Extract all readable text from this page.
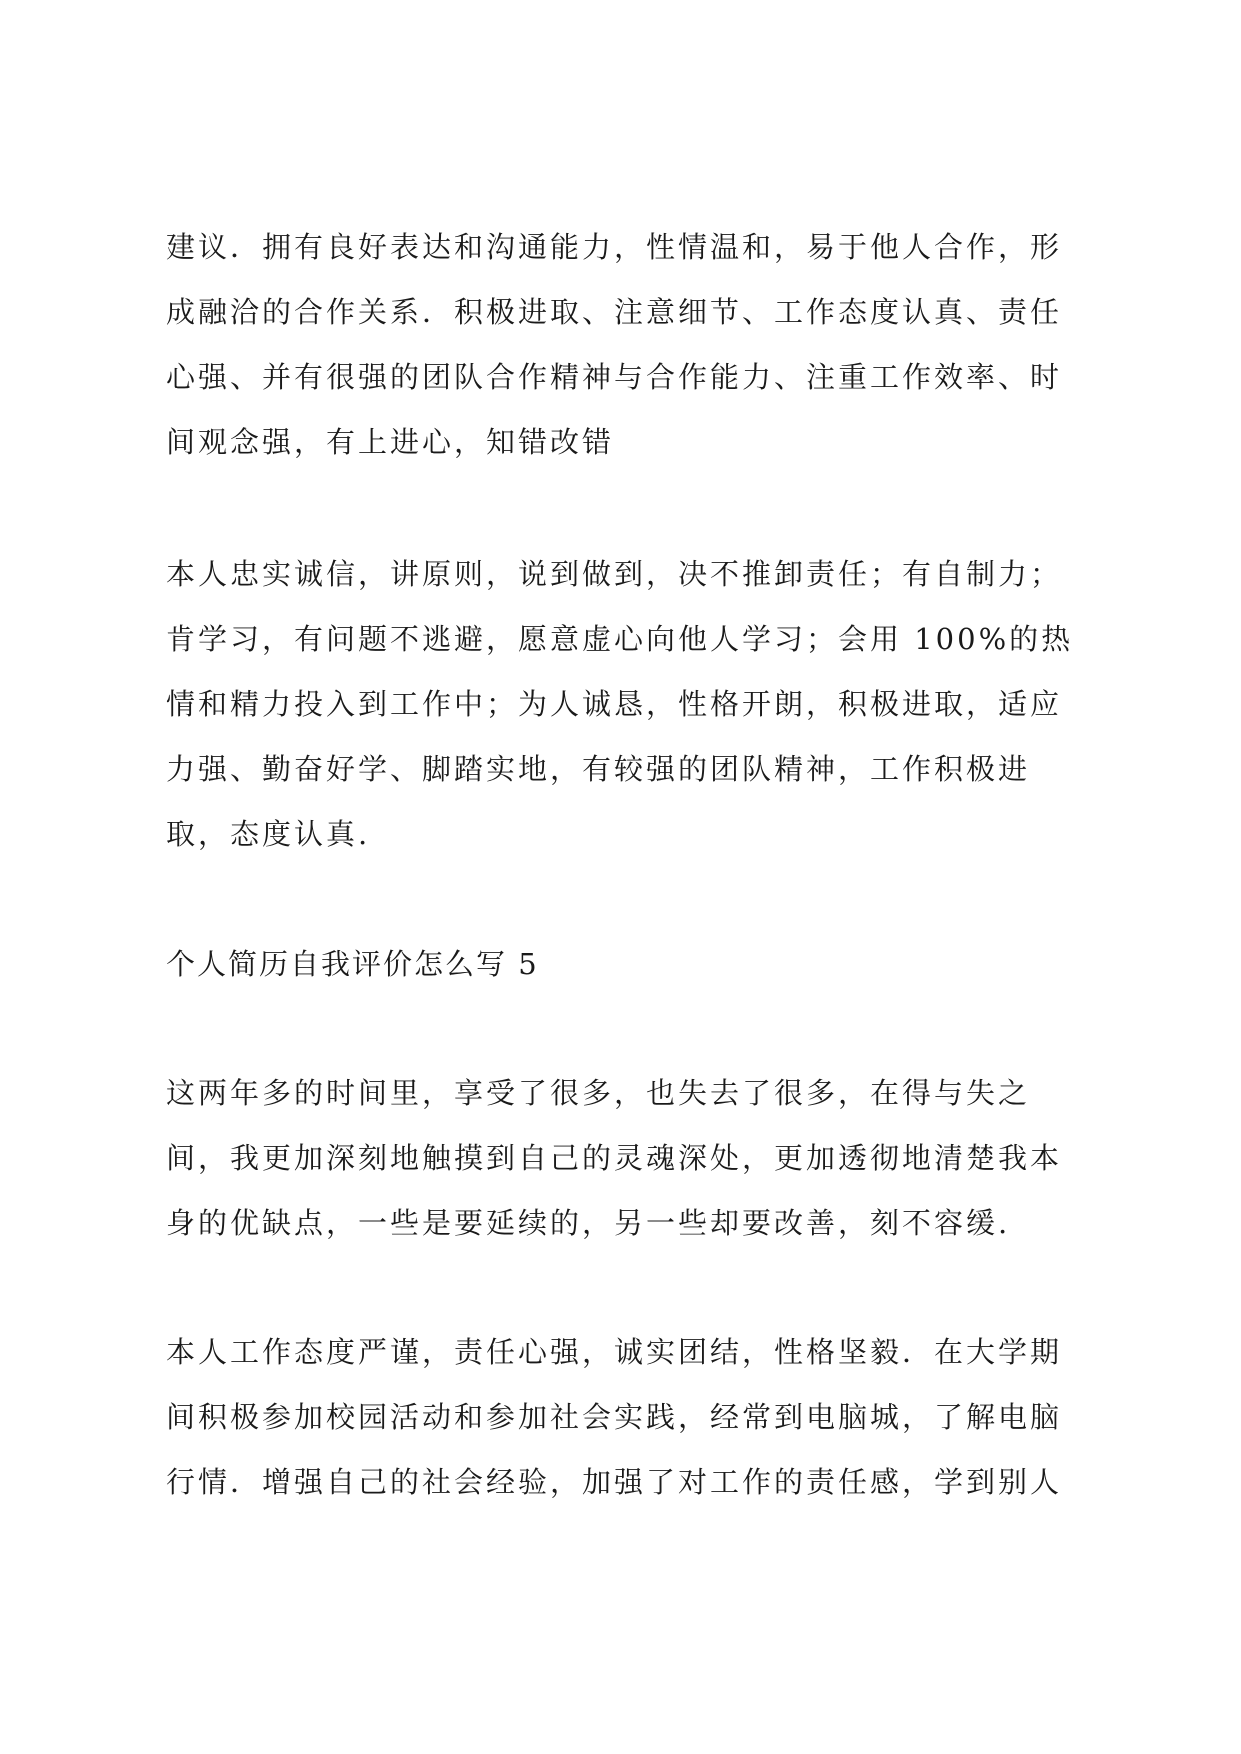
建议．拥有良好表达和沟通能力，性情温和，易于他人合作，形
成融洽的合作关系．积极进取、注意细节、工作态度认真、责任
心强、并有很强的团队合作精神与合作能力、注重工作效率、时
间观念强，有上进心，知错改错
本人忠实诚信，讲原则，说到做到，决不推卸责任；有自制力；
肯学习，有问题不逃避，愿意虚心向他人学习；会用 100%的热
情和精力投入到工作中；为人诚恳，性格开朗，积极进取，适应
力强、勤奋好学、脚踏实地，有较强的团队精神，工作积极进
取，态度认真.
个人简历自我评价怎么写 5
这两年多的时间里，享受了很多，也失去了很多，在得与失之
间，我更加深刻地触摸到自己的灵魂深处，更加透彻地清楚我本
身的优缺点，一些是要延续的，另一些却要改善，刻不容缓.
本人工作态度严谨，责任心强，诚实团结，性格坚毅．在大学期
间积极参加校园活动和参加社会实践，经常到电脑城，了解电脑
行情．增强自己的社会经验，加强了对工作的责任感，学到别人
